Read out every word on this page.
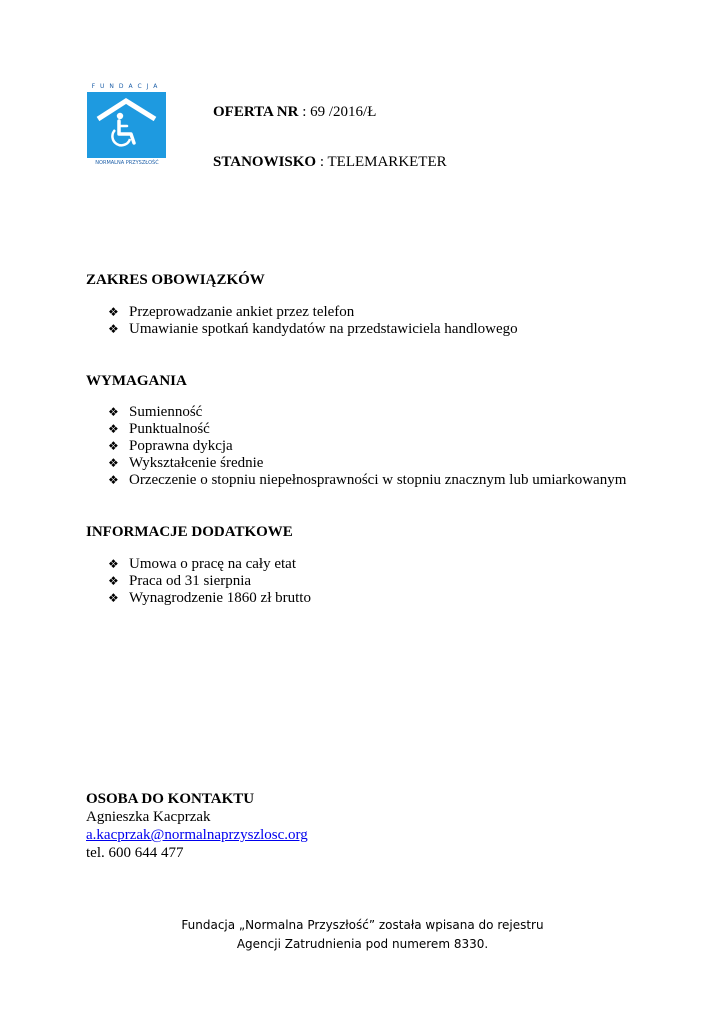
FUNDACJA
NORMALNA PRZYSZŁOŚĆ
OFERTA NR : 69 /2016/Ł
STANOWISKO : TELEMARKETER
ZAKRES OBOWIĄZKÓW
❖ Przeprowadzanie ankiet przez telefon
❖ Umawianie spotkań kandydatów na przedstawiciela handlowego
WYMAGANIA
❖ Sumienność
❖ Punktualność
❖ Poprawna dykcja
❖ Wykształcenie średnie
❖ Orzeczenie o stopniu niepełnosprawności w stopniu znacznym lub umiarkowanym
INFORMACJE DODATKOWE
❖ Umowa o pracę na cały etat
❖ Praca od 31 sierpnia
❖ Wynagrodzenie 1860 zł brutto
OSOBA DO KONTAKTU
Agnieszka Kacprzak
a.kacprzak@normalnaprzyszlosc.org
tel. 600 644 477
Fundacja „Normalna Przyszłość” została wpisana do rejestru
Agencji Zatrudnienia pod numerem 8330.
